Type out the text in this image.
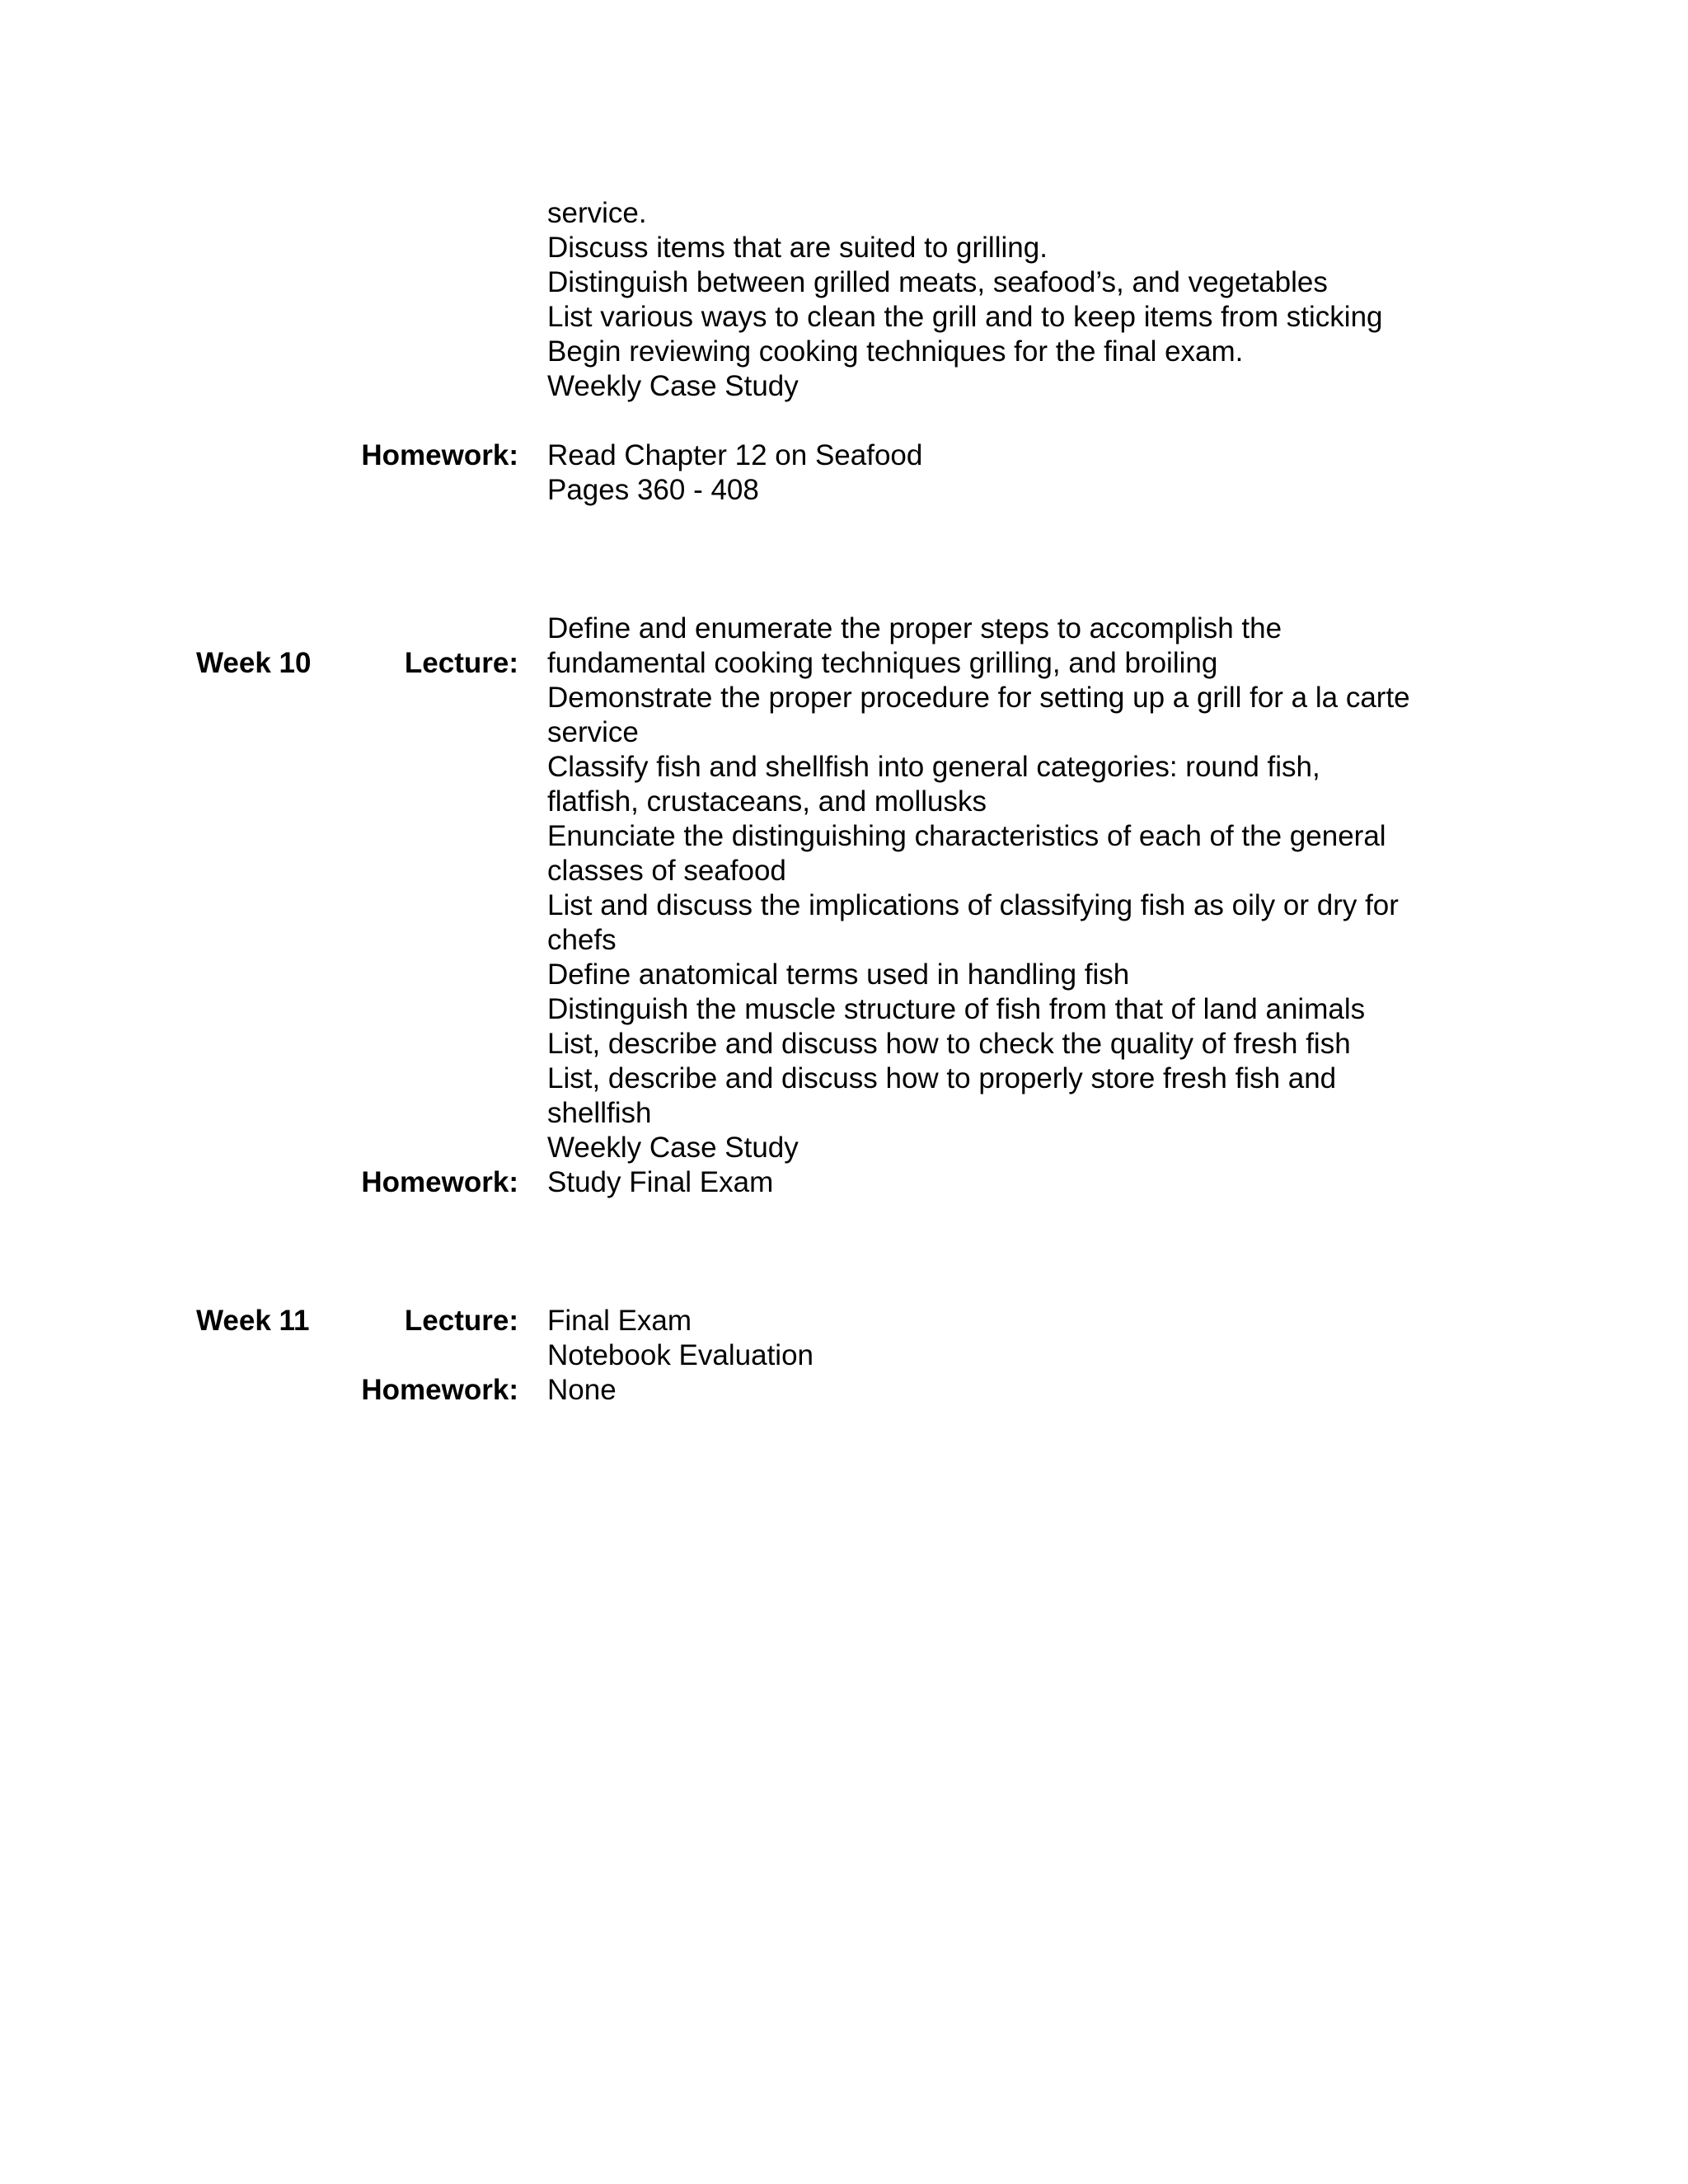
service.
Discuss items that are suited to grilling.
Distinguish between grilled meats, seafood’s, and vegetables
List various ways to clean the grill and to keep items from sticking
Begin reviewing cooking techniques for the final exam.
Weekly Case Study
Homework: Read Chapter 12 on Seafood
Pages 360 - 408
Week 10	Lecture:
Define and enumerate the proper steps to accomplish the
fundamental cooking techniques grilling, and broiling
Demonstrate the proper procedure for setting up a grill for a la carte
service
Classify fish and shellfish into general categories: round fish,
flatfish, crustaceans, and mollusks
Enunciate the distinguishing characteristics of each of the general
classes of seafood
List and discuss the implications of classifying fish as oily or dry for
chefs
Define anatomical terms used in handling fish
Distinguish the muscle structure of fish from that of land animals
List, describe and discuss how to check the quality of fresh fish
List, describe and discuss how to properly store fresh fish and
shellfish
Weekly Case Study
Homework: Study Final Exam
Week 11	Lecture: Final Exam
Notebook Evaluation
Homework: None
